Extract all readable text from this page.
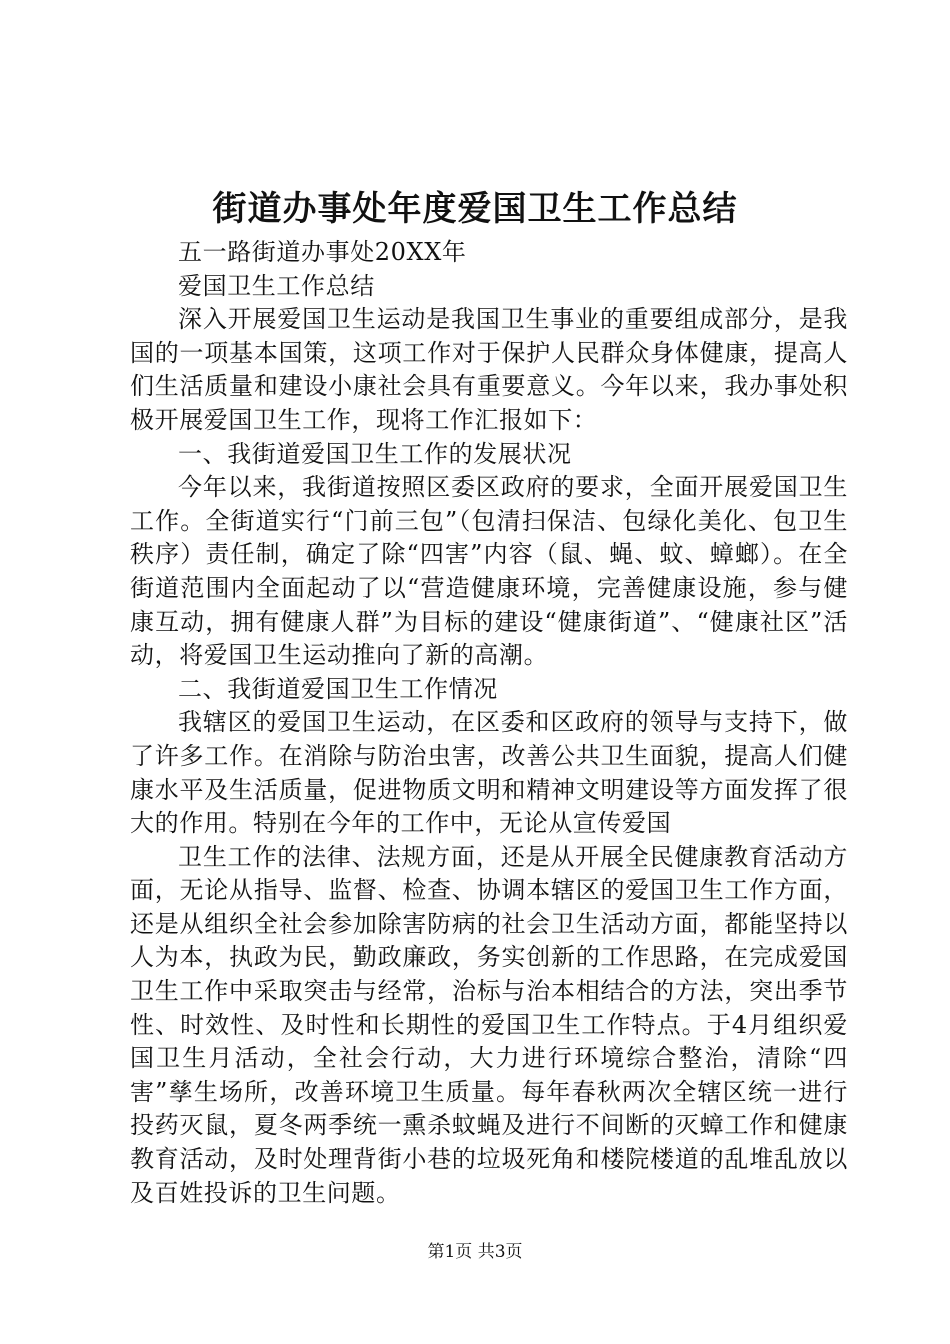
街道办事处年度爱国卫生工作总结

五一路街道办事处20XX年

爱国卫生工作总结

深入开展爱国卫生运动是我国卫生事业的重要组成部分，是我国的一项基本国策，这项工作对于保护人民群众身体健康，提高人们生活质量和建设小康社会具有重要意义。今年以来，我办事处积极开展爱国卫生工作，现将工作汇报如下：

一、我街道爱国卫生工作的发展状况

今年以来，我街道按照区委区政府的要求，全面开展爱国卫生工作。全街道实行“门前三包”（包清扫保洁、包绿化美化、包卫生秩序）责任制，确定了除“四害”内容（鼠、蝇、蚊、蟑螂）。在全街道范围内全面起动了以“营造健康环境，完善健康设施，参与健康互动，拥有健康人群”为目标的建设“健康街道”、“健康社区”活动，将爱国卫生运动推向了新的高潮。

二、我街道爱国卫生工作情况

我辖区的爱国卫生运动，在区委和区政府的领导与支持下，做了许多工作。在消除与防治虫害，改善公共卫生面貌，提高人们健康水平及生活质量，促进物质文明和精神文明建设等方面发挥了很大的作用。特别在今年的工作中，无论从宣传爱国

卫生工作的法律、法规方面，还是从开展全民健康教育活动方面，无论从指导、监督、检查、协调本辖区的爱国卫生工作方面，还是从组织全社会参加除害防病的社会卫生活动方面，都能坚持以人为本，执政为民，勤政廉政，务实创新的工作思路，在完成爱国卫生工作中采取突击与经常，治标与治本相结合的方法，突出季节性、时效性、及时性和长期性的爱国卫生工作特点。于4月组织爱国卫生月活动，全社会行动，大力进行环境综合整治，清除“四害”孳生场所，改善环境卫生质量。每年春秋两次全辖区统一进行投药灭鼠，夏冬两季统一熏杀蚊蝇及进行不间断的灭蟑工作和健康教育活动，及时处理背街小巷的垃圾死角和楼院楼道的乱堆乱放以及百姓投诉的卫生问题。

第1页 共3页
